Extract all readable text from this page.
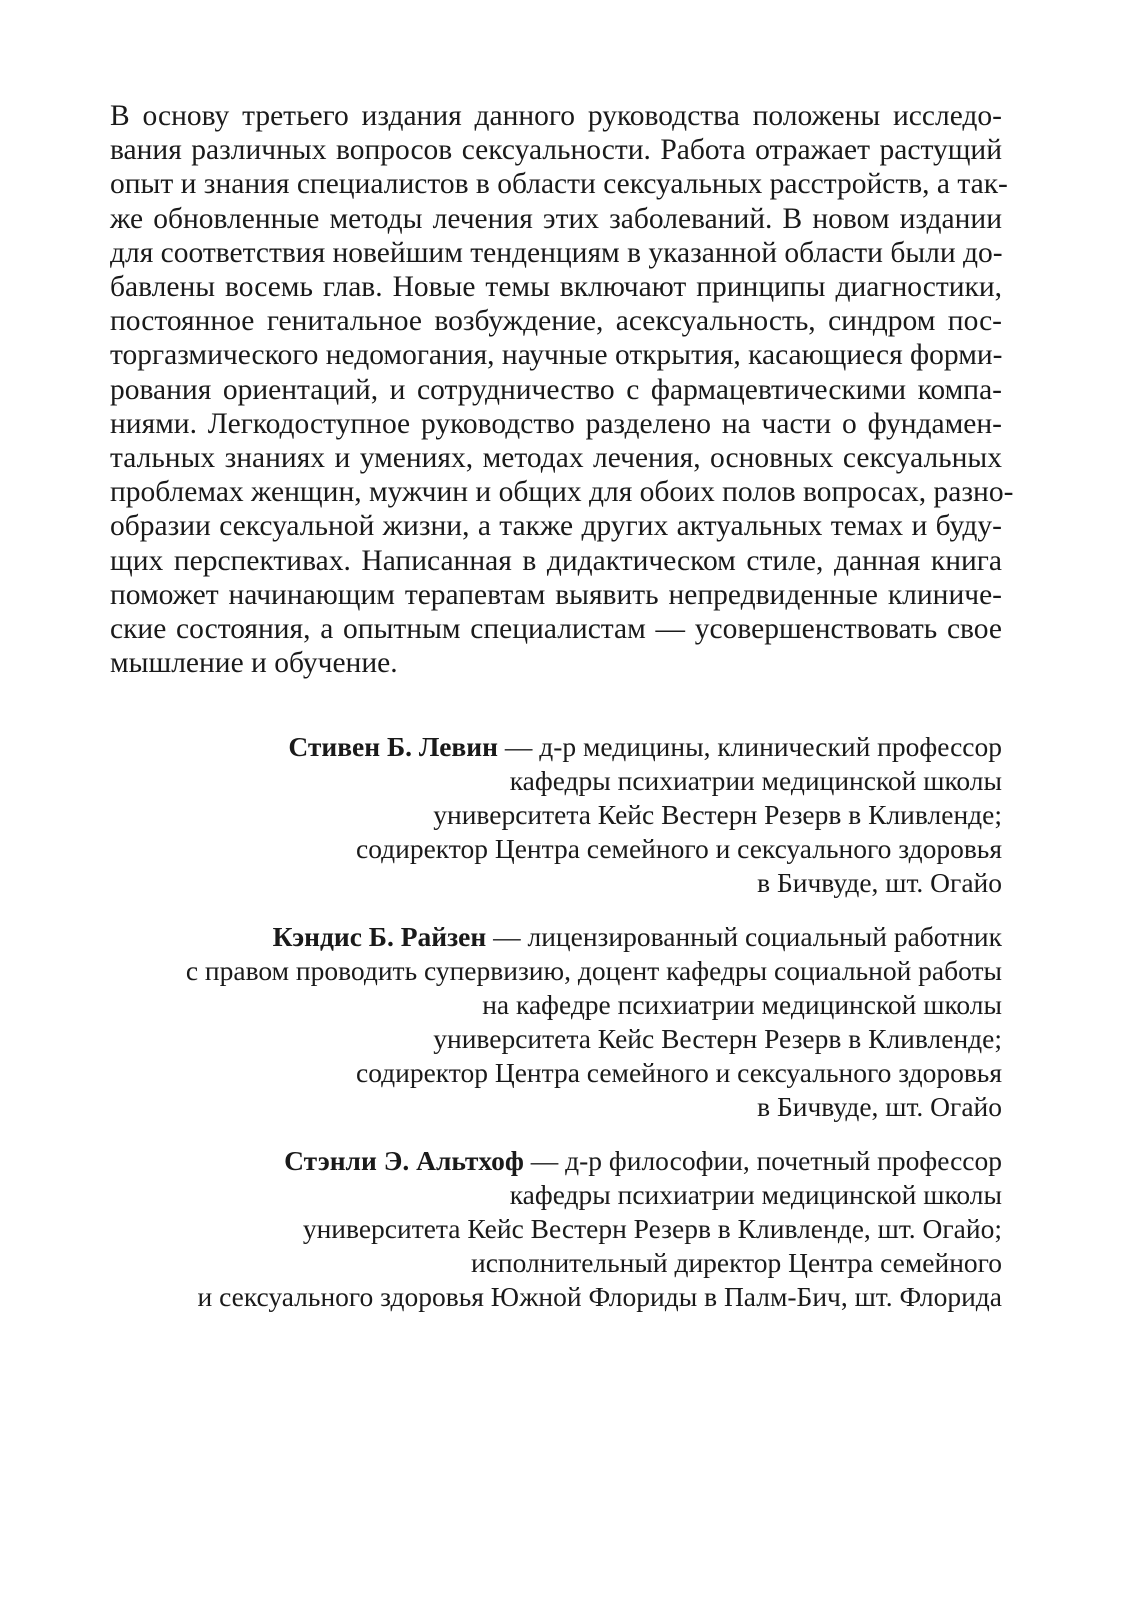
В основу третьего издания данного руководства положены исследо-
вания различных вопросов сексуальности. Работа отражает растущий
опыт и знания специалистов в области сексуальных расстройств, а так-
же обновленные методы лечения этих заболеваний. В новом издании
для соответствия новейшим тенденциям в указанной области были до-
бавлены восемь глав. Новые темы включают принципы диагностики,
постоянное генитальное возбуждение, асексуальность, синдром пос-
торгазмического недомогания, научные открытия, касающиеся форми-
рования ориентаций, и сотрудничество с фармацевтическими компа-
ниями. Легкодоступное руководство разделено на части о фундамен-
тальных знаниях и умениях, методах лечения, основных сексуальных
проблемах женщин, мужчин и общих для обоих полов вопросах, разно-
образии сексуальной жизни, а также других актуальных темах и буду-
щих перспективах. Написанная в дидактическом стиле, данная книга
поможет начинающим терапевтам выявить непредвиденные клиниче-
ские состояния, а опытным специалистам — усовершенствовать свое
мышление и обучение.
Стивен Б. Левин — д-р медицины, клинический профессор
кафедры психиатрии медицинской школы
университета Кейс Вестерн Резерв в Кливленде;
содиректор Центра семейного и сексуального здоровья
в Бичвуде, шт. Огайо
Кэндис Б. Райзен — лицензированный социальный работник
с правом проводить супервизию, доцент кафедры социальной работы
на кафедре психиатрии медицинской школы
университета Кейс Вестерн Резерв в Кливленде;
содиректор Центра семейного и сексуального здоровья
в Бичвуде, шт. Огайо
Стэнли Э. Альтхоф — д-р философии, почетный профессор
кафедры психиатрии медицинской школы
университета Кейс Вестерн Резерв в Кливленде, шт. Огайо;
исполнительный директор Центра семейного
и сексуального здоровья Южной Флориды в Палм-Бич, шт. Флорида
